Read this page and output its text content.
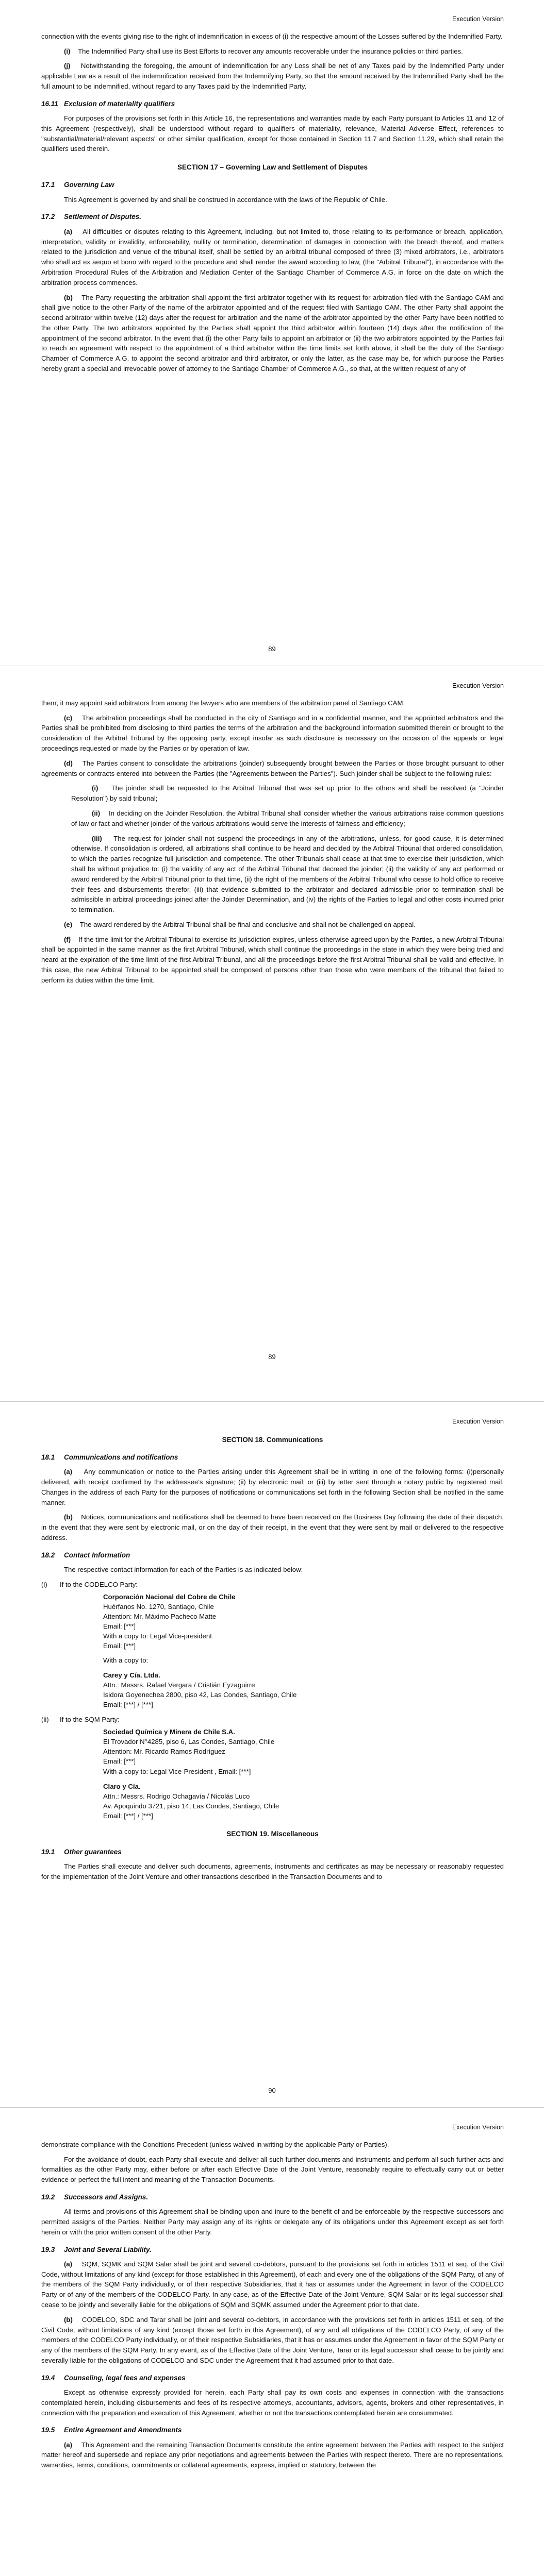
Execution Version

connection with the events giving rise to the right of indemnification in excess of (i) the respective amount of the Losses suffered by the Indemnified Party.

(i) The Indemnified Party shall use its Best Efforts to recover any amounts recoverable under the insurance policies or third parties.

(j) Notwithstanding the foregoing, the amount of indemnification for any Loss shall be net of any Taxes paid by the Indemnified Party under applicable Law as a result of the indemnification received from the Indemnifying Party, so that the amount received by the Indemnified Party shall be the full amount to be indemnified, without regard to any Taxes paid by the Indemnified Party.

16.11 Exclusion of materiality qualifiers

For purposes of the provisions set forth in this Article 16, the representations and warranties made by each Party pursuant to Articles 11 and 12 of this Agreement (respectively), shall be understood without regard to qualifiers of materiality, relevance, Material Adverse Effect, references to "substantial/material/relevant aspects" or other similar qualification, except for those contained in Section 11.7 and Section 11.29, which shall retain the qualifiers used therein.

SECTION 17 – Governing Law and Settlement of Disputes
17.1 Governing Law

This Agreement is governed by and shall be construed in accordance with the laws of the Republic of Chile.

17.2 Settlement of Disputes.

(a) All difficulties or disputes relating to this Agreement, including, but not limited to, those relating to its performance or breach, application, interpretation, validity or invalidity, enforceability, nullity or termination, determination of damages in connection with the breach thereof, and matters related to the jurisdiction and venue of the tribunal itself, shall be settled by an arbitral tribunal composed of three (3) mixed arbitrators, i.e., arbitrators who shall act ex aequo et bono with regard to the procedure and shall render the award according to law, (the "Arbitral Tribunal"), in accordance with the Arbitration Procedural Rules of the Arbitration and Mediation Center of the Santiago Chamber of Commerce A.G. in force on the date on which the arbitration process commences.

(b) The Party requesting the arbitration shall appoint the first arbitrator together with its request for arbitration filed with the Santiago CAM and shall give notice to the other Party of the name of the arbitrator appointed and of the request filed with Santiago CAM. The other Party shall appoint the second arbitrator within twelve (12) days after the request for arbitration and the name of the arbitrator appointed by the other Party have been notified to the other Party. The two arbitrators appointed by the Parties shall appoint the third arbitrator within fourteen (14) days after the notification of the appointment of the second arbitrator. In the event that (i) the other Party fails to appoint an arbitrator or (ii) the two arbitrators appointed by the Parties fail to reach an agreement with respect to the appointment of a third arbitrator within the time limits set forth above, it shall be the duty of the Santiago Chamber of Commerce A.G. to appoint the second arbitrator and third arbitrator, or only the latter, as the case may be, for which purpose the Parties hereby grant a special and irrevocable power of attorney to the Santiago Chamber of Commerce A.G., so that, at the written request of any of

89
Execution Version

them, it may appoint said arbitrators from among the lawyers who are members of the arbitration panel of Santiago CAM.

(c) The arbitration proceedings shall be conducted in the city of Santiago and in a confidential manner, and the appointed arbitrators and the Parties shall be prohibited from disclosing to third parties the terms of the arbitration and the background information submitted therein or brought to the consideration of the Arbitral Tribunal by the opposing party, except insofar as such disclosure is necessary on the occasion of the appeals or legal proceedings requested or made by the Parties or by operation of law.

(d) The Parties consent to consolidate the arbitrations (joinder) subsequently brought between the Parties or those brought pursuant to other agreements or contracts entered into between the Parties (the "Agreements between the Parties"). Such joinder shall be subject to the following rules:

(i) The joinder shall be requested to the Arbitral Tribunal that was set up prior to the others and shall be resolved (a "Joinder Resolution") by said tribunal;

(ii) In deciding on the Joinder Resolution, the Arbitral Tribunal shall consider whether the various arbitrations raise common questions of law or fact and whether joinder of the various arbitrations would serve the interests of fairness and efficiency;

(iii) The request for joinder shall not suspend the proceedings in any of the arbitrations, unless, for good cause, it is determined otherwise. If consolidation is ordered, all arbitrations shall continue to be heard and decided by the Arbitral Tribunal that ordered consolidation, to which the parties recognize full jurisdiction and competence. The other Tribunals shall cease at that time to exercise their jurisdiction, which shall be without prejudice to: (i) the validity of any act of the Arbitral Tribunal that decreed the joinder; (ii) the validity of any act performed or award rendered by the Arbitral Tribunal prior to that time, (ii) the right of the members of the Arbitral Tribunal who cease to hold office to receive their fees and disbursements therefor, (iii) that evidence submitted to the arbitrator and declared admissible prior to termination shall be admissible in arbitral proceedings joined after the Joinder Determination, and (iv) the rights of the Parties to legal and other costs incurred prior to termination.

(e) The award rendered by the Arbitral Tribunal shall be final and conclusive and shall not be challenged on appeal.

(f) If the time limit for the Arbitral Tribunal to exercise its jurisdiction expires, unless otherwise agreed upon by the Parties, a new Arbitral Tribunal shall be appointed in the same manner as the first Arbitral Tribunal, which shall continue the proceedings in the state in which they were being tried and heard at the expiration of the time limit of the first Arbitral Tribunal, and all the proceedings before the first Arbitral Tribunal shall be valid and effective. In this case, the new Arbitral Tribunal to be appointed shall be composed of persons other than those who were members of the tribunal that failed to perform its duties within the time limit.

89
Execution Version
SECTION 18. Communications
18.1 Communications and notifications

(a) Any communication or notice to the Parties arising under this Agreement shall be in writing in one of the following forms: (i)personally delivered, with receipt confirmed by the addressee's signature; (ii) by electronic mail; or (iii) by letter sent through a notary public by registered mail. Changes in the address of each Party for the purposes of notifications or communications set forth in the following Section shall be notified in the same manner.

(b) Notices, communications and notifications shall be deemed to have been received on the Business Day following the date of their dispatch, in the event that they were sent by electronic mail, or on the day of their receipt, in the event that they were sent by mail or delivered to the respective address.

18.2 Contact Information

The respective contact information for each of the Parties is as indicated below:

(i)	If to the CODELCO Party:
Corporación Nacional del Cobre de Chile
Huérfanos No. 1270, Santiago, Chile
Attention: Mr. Máximo Pacheco Matte
Email: [***]
With a copy to: Legal Vice-president
Email: [***]
With a copy to:
Carey y Cía. Ltda.
Attn.: Messrs. Rafael Vergara / Cristián Eyzaguirre
Isidora Goyenechea 2800, piso 42, Las Condes, Santiago, Chile
Email: [***] / [***]
(ii)	If to the SQM Party:
Sociedad Química y Minera de Chile S.A.
El Trovador N°4285, piso 6, Las Condes, Santiago, Chile
Attention: Mr. Ricardo Ramos Rodríguez
Email: [***]
With a copy to: Legal Vice-President , Email: [***]
Claro y Cía.
Attn.: Messrs. Rodrigo Ochagavía / Nicolás Luco
Av. Apoquindo 3721, piso 14, Las Condes, Santiago, Chile
Email: [***] / [***]
SECTION 19. Miscellaneous
19.1 Other guarantees

The Parties shall execute and deliver such documents, agreements, instruments and certificates as may be necessary or reasonably requested for the implementation of the Joint Venture and other transactions described in the Transaction Documents and to

90
Execution Version

demonstrate compliance with the Conditions Precedent (unless waived in writing by the applicable Party or Parties).

For the avoidance of doubt, each Party shall execute and deliver all such further documents and instruments and perform all such further acts and formalities as the other Party may, either before or after each Effective Date of the Joint Venture, reasonably require to effectually carry out or better evidence or perfect the full intent and meaning of the Transaction Documents.

19.2 Successors and Assigns.

All terms and provisions of this Agreement shall be binding upon and inure to the benefit of and be enforceable by the respective successors and permitted assigns of the Parties. Neither Party may assign any of its rights or delegate any of its obligations under this Agreement except as set forth herein or with the prior written consent of the other Party.

19.3 Joint and Several Liability.

(a) SQM, SQMK and SQM Salar shall be joint and several co-debtors, pursuant to the provisions set forth in articles 1511 et seq. of the Civil Code, without limitations of any kind (except for those established in this Agreement), of each and every one of the obligations of the SQM Party, of any of the members of the SQM Party individually, or of their respective Subsidiaries, that it has or assumes under the Agreement in favor of the CODELCO Party or of any of the members of the CODELCO Party. In any case, as of the Effective Date of the Joint Venture, SQM Salar or its legal successor shall cease to be jointly and severally liable for the obligations of SQM and SQMK assumed under the Agreement prior to that date.

(b) CODELCO, SDC and Tarar shall be joint and several co-debtors, in accordance with the provisions set forth in articles 1511 et seq. of the Civil Code, without limitations of any kind (except those set forth in this Agreement), of any and all obligations of the CODELCO Party, of any of the members of the CODELCO Party individually, or of their respective Subsidiaries, that it has or assumes under the Agreement in favor of the SQM Party or any of the members of the SQM Party. In any event, as of the Effective Date of the Joint Venture, Tarar or its legal successor shall cease to be jointly and severally liable for the obligations of CODELCO and SDC under the Agreement that it had assumed prior to that date.

19.4 Counseling, legal fees and expenses

Except as otherwise expressly provided for herein, each Party shall pay its own costs and expenses in connection with the transactions contemplated herein, including disbursements and fees of its respective attorneys, accountants, advisors, agents, brokers and other representatives, in connection with the preparation and execution of this Agreement, whether or not the transactions contemplated herein are consummated.

19.5 Entire Agreement and Amendments

(a) This Agreement and the remaining Transaction Documents constitute the entire agreement between the Parties with respect to the subject matter hereof and supersede and replace any prior negotiations and agreements between the Parties with respect thereto. There are no representations, warranties, terms, conditions, commitments or collateral agreements, express, implied or statutory, between the
